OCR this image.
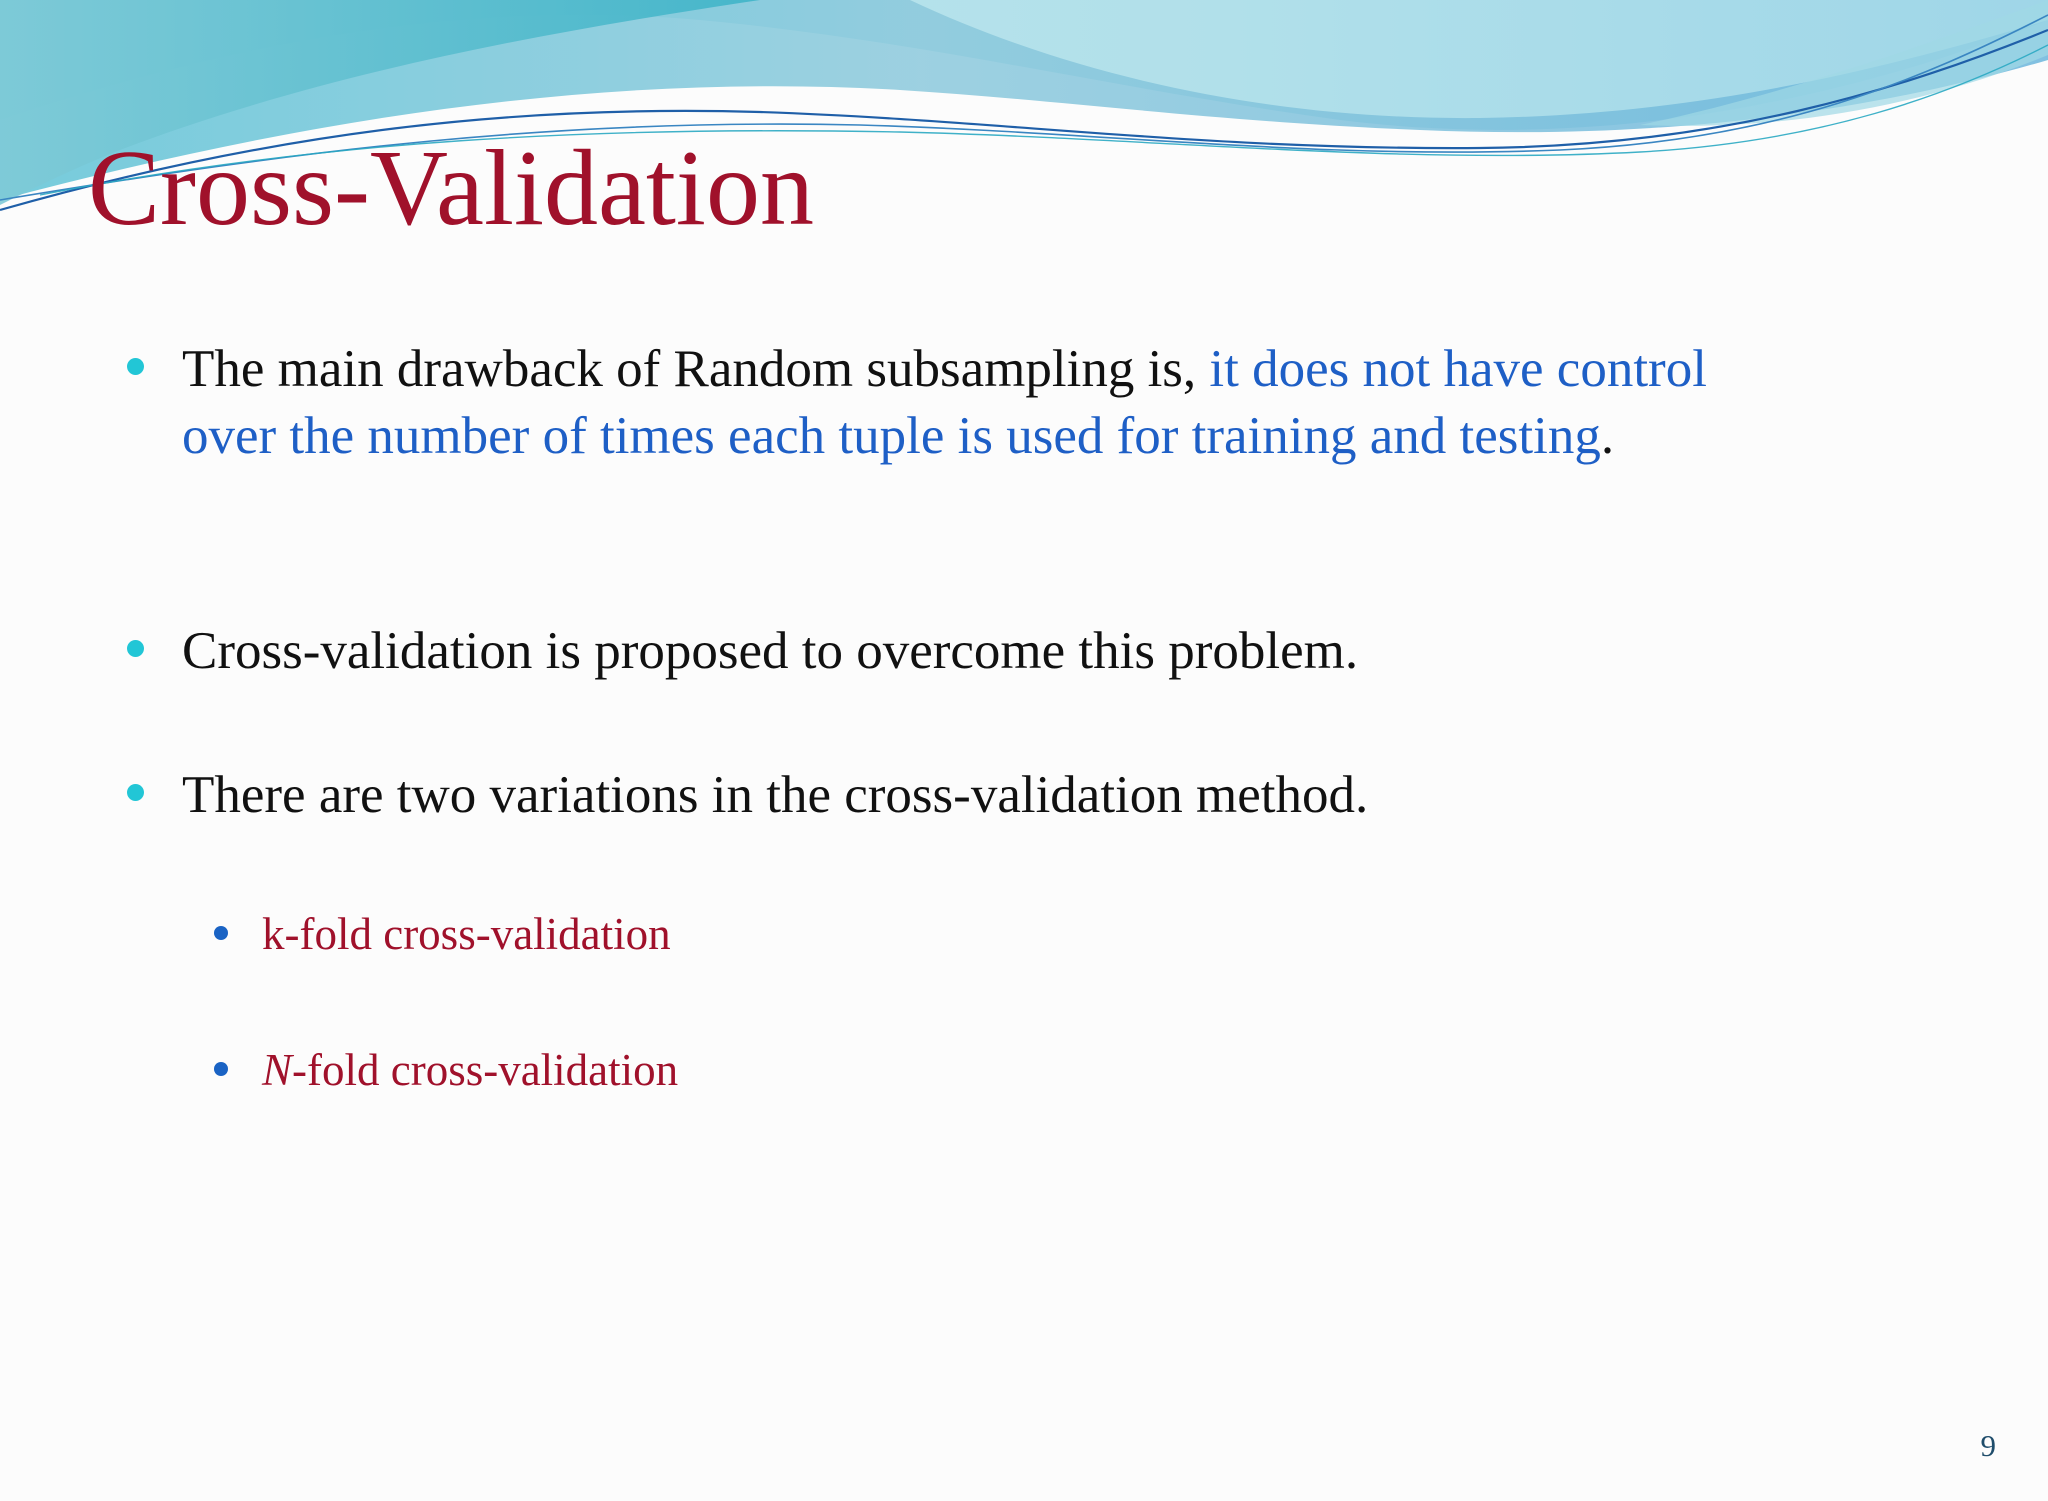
Cross-Validation
The main drawback of Random subsampling is, it does not have control over the number of times each tuple is used for training and testing.
Cross-validation is proposed to overcome this problem.
There are two variations in the cross-validation method.
k-fold cross-validation
N-fold cross-validation
9
